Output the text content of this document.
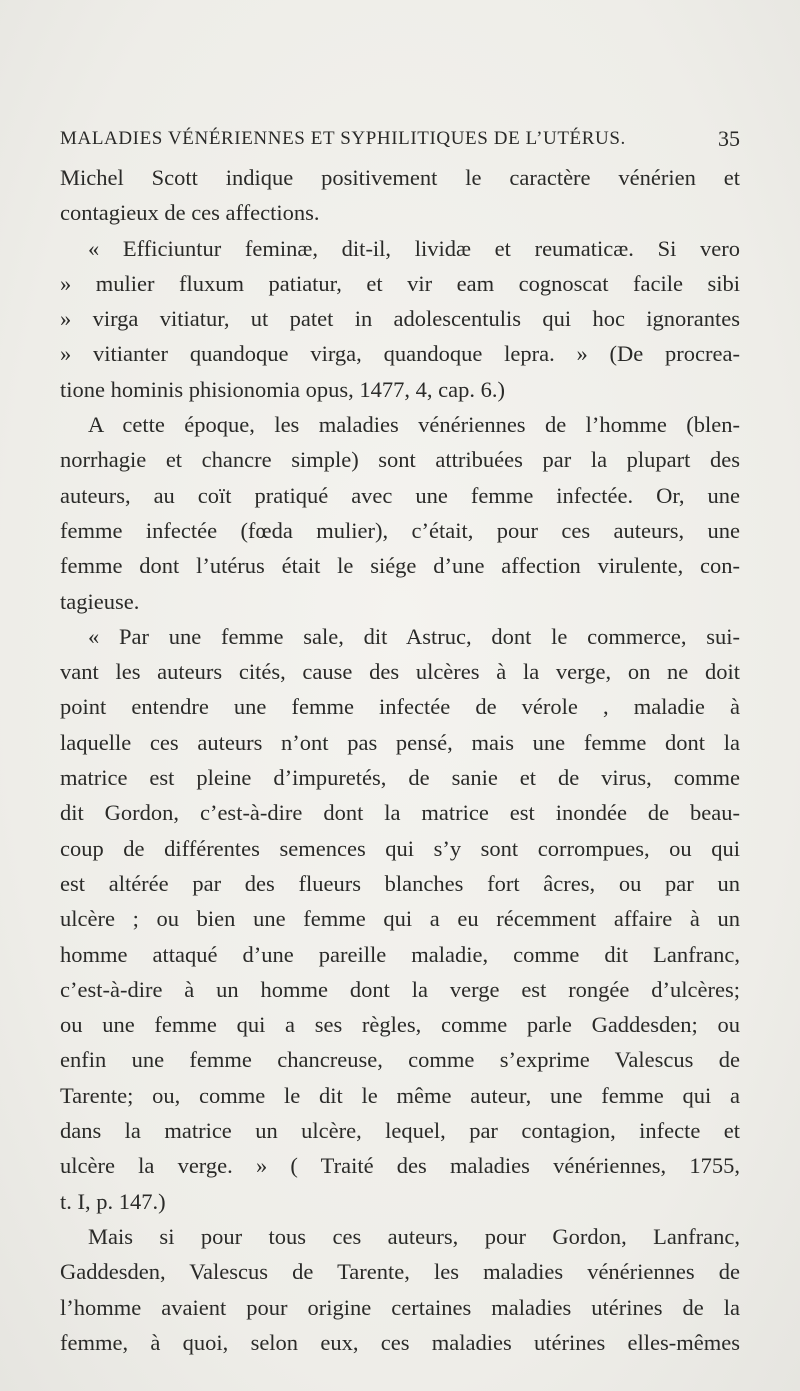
MALADIES VÉNÉRIENNES ET SYPHILITIQUES DE L’UTÉRUS.	35
Michel Scott indique positivement le caractère vénérien et
contagieux de ces affections.
« Efficiuntur feminæ, dit-il, lividæ et reumaticæ. Si vero
» mulier fluxum patiatur, et vir eam cognoscat facile sibi
» virga vitiatur, ut patet in adolescentulis qui hoc ignorantes
» vitianter quandoque virga, quandoque lepra. » (De procrea-
tione hominis phisionomia opus, 1477, 4, cap. 6.)
A cette époque, les maladies vénériennes de l’homme (blen-
norrhagie et chancre simple) sont attribuées par la plupart des
auteurs, au coït pratiqué avec une femme infectée. Or, une
femme infectée (fœda mulier), c’était, pour ces auteurs, une
femme dont l’utérus était le siége d’une affection virulente, con-
tagieuse.
« Par une femme sale, dit Astruc, dont le commerce, sui-
vant les auteurs cités, cause des ulcères à la verge, on ne doit
point entendre une femme infectée de vérole , maladie à
laquelle ces auteurs n’ont pas pensé, mais une femme dont la
matrice est pleine d’impuretés, de sanie et de virus, comme
dit Gordon, c’est-à-dire dont la matrice est inondée de beau-
coup de différentes semences qui s’y sont corrompues, ou qui
est altérée par des flueurs blanches fort âcres, ou par un
ulcère ; ou bien une femme qui a eu récemment affaire à un
homme attaqué d’une pareille maladie, comme dit Lanfranc,
c’est-à-dire à un homme dont la verge est rongée d’ulcères;
ou une femme qui a ses règles, comme parle Gaddesden; ou
enfin une femme chancreuse, comme s’exprime Valescus de
Tarente; ou, comme le dit le même auteur, une femme qui a
dans la matrice un ulcère, lequel, par contagion, infecte et
ulcère la verge. » ( Traité des maladies vénériennes, 1755,
t. I, p. 147.)
Mais si pour tous ces auteurs, pour Gordon, Lanfranc,
Gaddesden, Valescus de Tarente, les maladies vénériennes de
l’homme avaient pour origine certaines maladies utérines de la
femme, à quoi, selon eux, ces maladies utérines elles-mêmes
